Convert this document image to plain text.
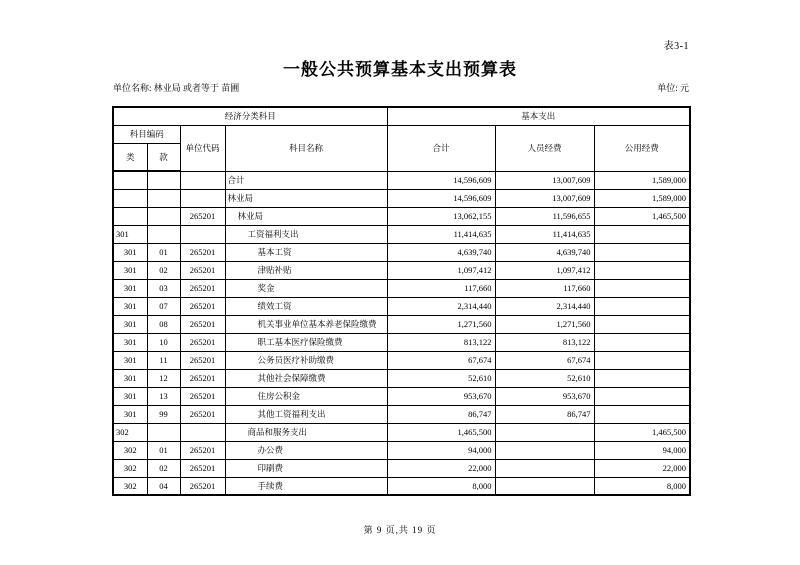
表3-1
一般公共预算基本支出预算表
单位名称: 林业局 或者等于 苗圃	单位: 元
经济分类科目				基本支出		
科目编码		单位代码	科目名称	合计	人员经费	公用经费
类	款					
			合计	14,596,609	13,007,609	1,589,000
			林业局	14,596,609	13,007,609	1,589,000
		265201	林业局	13,062,155	11,596,655	1,465,500
301			工资福利支出	11,414,635	11,414,635	
301	01	265201	基本工资	4,639,740	4,639,740	
301	02	265201	津贴补贴	1,097,412	1,097,412	
301	03	265201	奖金	117,660	117,660	
301	07	265201	绩效工资	2,314,440	2,314,440	
301	08	265201	机关事业单位基本养老保险缴费	1,271,560	1,271,560	
301	10	265201	职工基本医疗保险缴费	813,122	813,122	
301	11	265201	公务员医疗补助缴费	67,674	67,674	
301	12	265201	其他社会保障缴费	52,610	52,610	
301	13	265201	住房公积金	953,670	953,670	
301	99	265201	其他工资福利支出	86,747	86,747	
302			商品和服务支出	1,465,500		1,465,500
302	01	265201	办公费	94,000		94,000
302	02	265201	印刷费	22,000		22,000
302	04	265201	手续费	8,000		8,000
第 9 页,共 19 页
